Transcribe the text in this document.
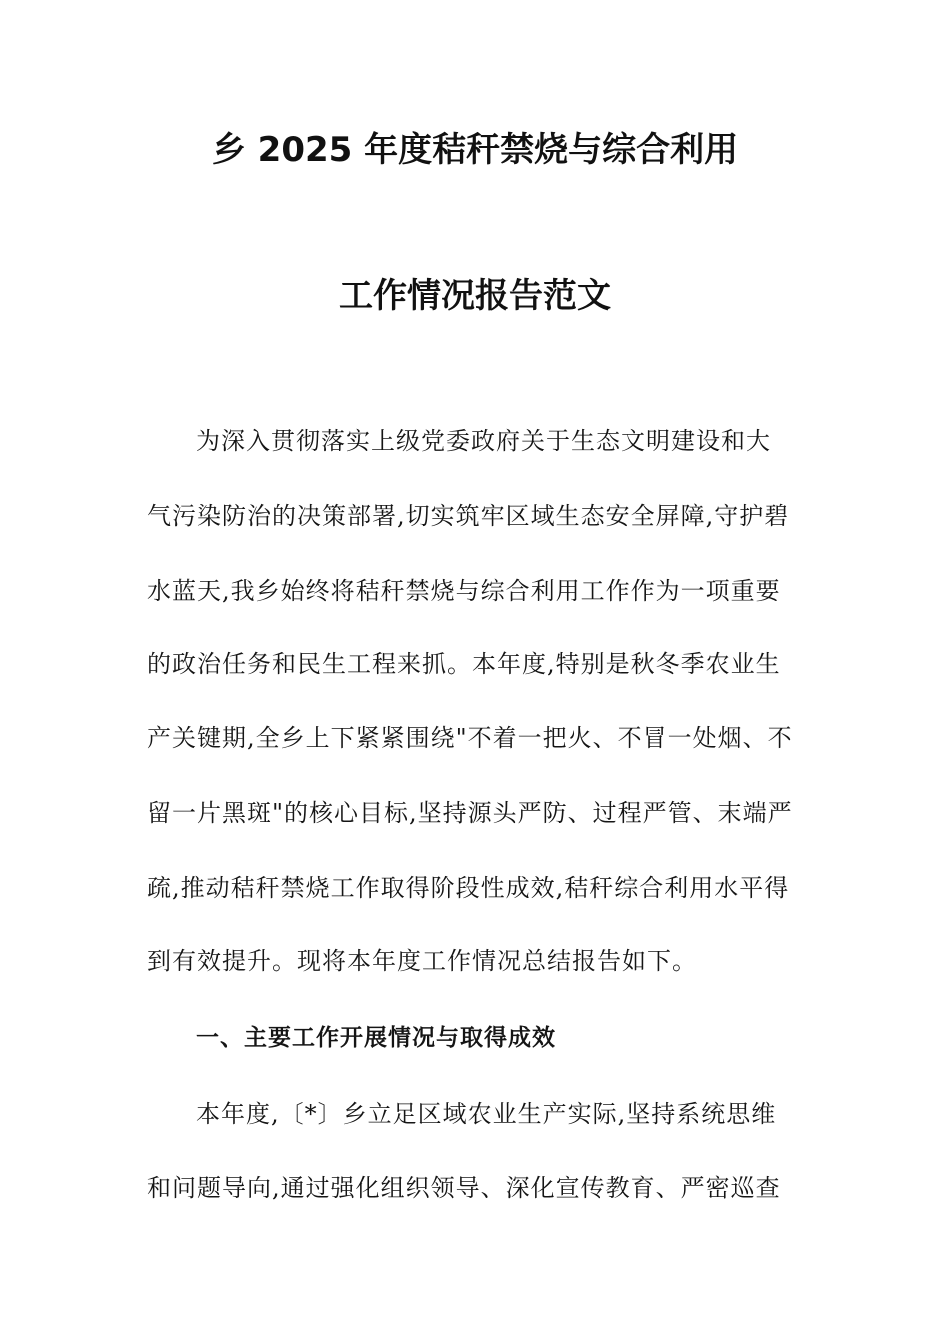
乡 2025 年度秸秆禁烧与综合利用
工作情况报告范文
为深入贯彻落实上级党委政府关于生态文明建设和大
气污染防治的决策部署,切实筑牢区域生态安全屏障,守护碧
水蓝天,我乡始终将秸秆禁烧与综合利用工作作为一项重要
的政治任务和民生工程来抓。本年度,特别是秋冬季农业生
产关键期,全乡上下紧紧围绕"不着一把火、不冒一处烟、不
留一片黑斑"的核心目标,坚持源头严防、过程严管、末端严
疏,推动秸秆禁烧工作取得阶段性成效,秸秆综合利用水平得
到有效提升。现将本年度工作情况总结报告如下。
一、主要工作开展情况与取得成效
本年度,〔*〕乡立足区域农业生产实际,坚持系统思维
和问题导向,通过强化组织领导、深化宣传教育、严密巡查
